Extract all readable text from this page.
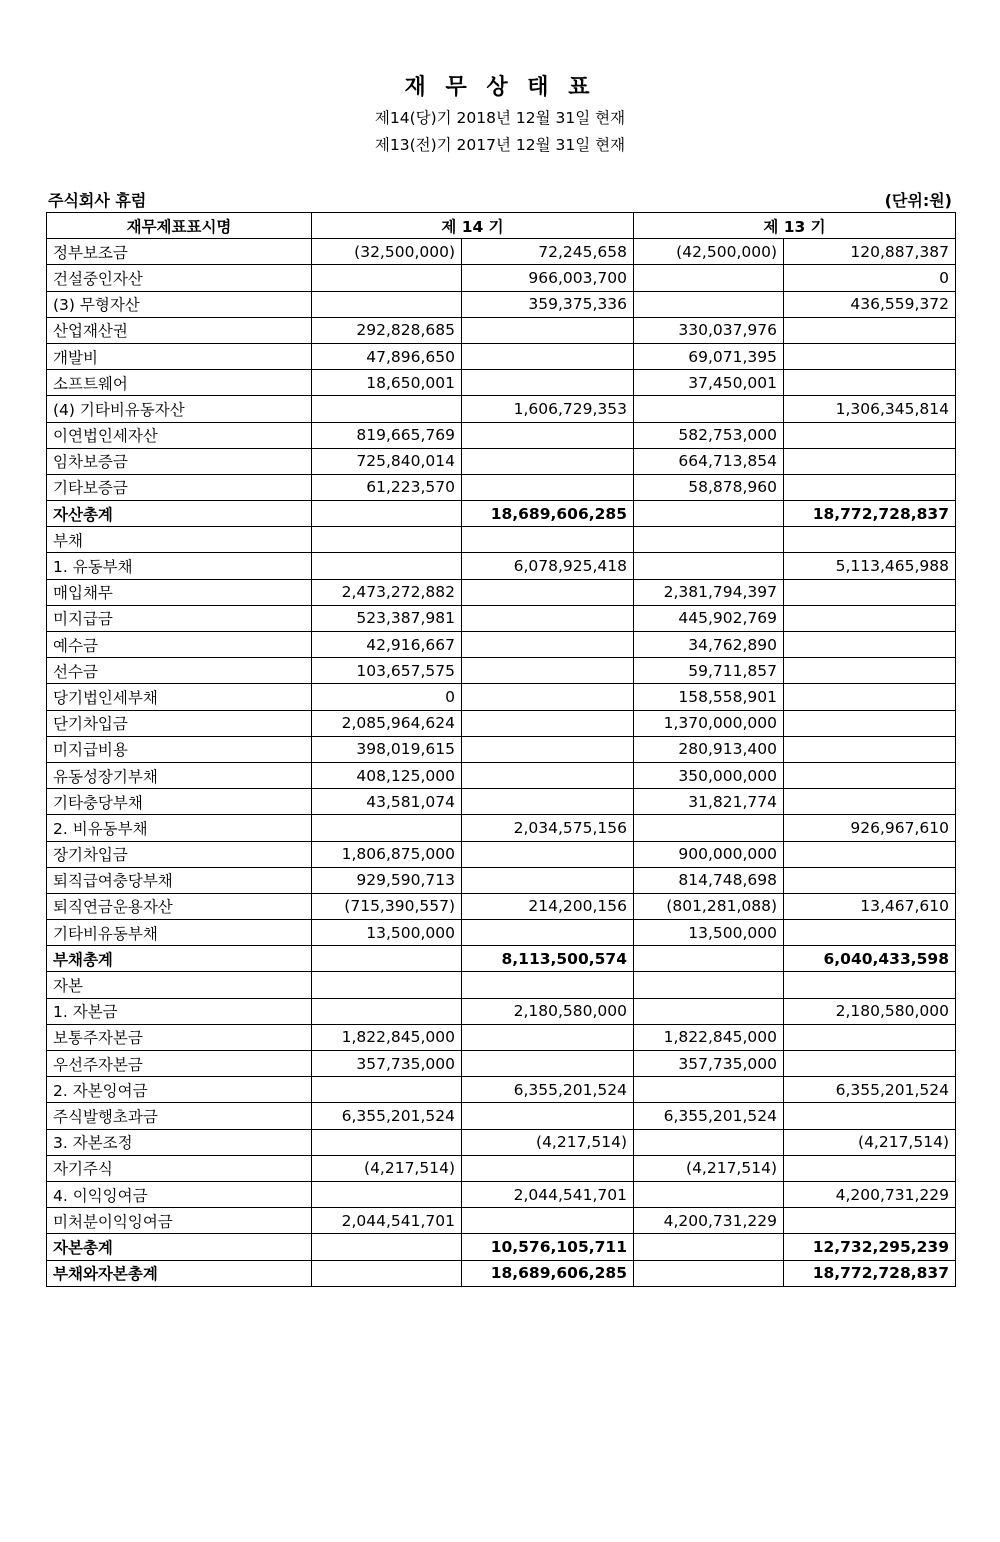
재 무 상 태 표
제14(당)기 2018년 12월 31일 현재
제13(전)기 2017년 12월 31일 현재
주식회사 휴럼	(단위:원)
재무제표표시명	제 14 기		제 13 기	
정부보조금	(32,500,000)	72,245,658	(42,500,000)	120,887,387
건설중인자산		966,003,700		0
(3) 무형자산		359,375,336		436,559,372
산업재산권	292,828,685		330,037,976	
개발비	47,896,650		69,071,395	
소프트웨어	18,650,001		37,450,001	
(4) 기타비유동자산		1,606,729,353		1,306,345,814
이연법인세자산	819,665,769		582,753,000	
임차보증금	725,840,014		664,713,854	
기타보증금	61,223,570		58,878,960	
자산총계		18,689,606,285		18,772,728,837
부채				
1. 유동부채		6,078,925,418		5,113,465,988
매입채무	2,473,272,882		2,381,794,397	
미지급금	523,387,981		445,902,769	
예수금	42,916,667		34,762,890	
선수금	103,657,575		59,711,857	
당기법인세부채	0		158,558,901	
단기차입금	2,085,964,624		1,370,000,000	
미지급비용	398,019,615		280,913,400	
유동성장기부채	408,125,000		350,000,000	
기타충당부채	43,581,074		31,821,774	
2. 비유동부채		2,034,575,156		926,967,610
장기차입금	1,806,875,000		900,000,000	
퇴직급여충당부채	929,590,713		814,748,698	
퇴직연금운용자산	(715,390,557)	214,200,156	(801,281,088)	13,467,610
기타비유동부채	13,500,000		13,500,000	
부채총계		8,113,500,574		6,040,433,598
자본				
1. 자본금		2,180,580,000		2,180,580,000
보통주자본금	1,822,845,000		1,822,845,000	
우선주자본금	357,735,000		357,735,000	
2. 자본잉여금		6,355,201,524		6,355,201,524
주식발행초과금	6,355,201,524		6,355,201,524	
3. 자본조정		(4,217,514)		(4,217,514)
자기주식	(4,217,514)		(4,217,514)	
4. 이익잉여금		2,044,541,701		4,200,731,229
미처분이익잉여금	2,044,541,701		4,200,731,229	
자본총계		10,576,105,711		12,732,295,239
부채와자본총계		18,689,606,285		18,772,728,837
